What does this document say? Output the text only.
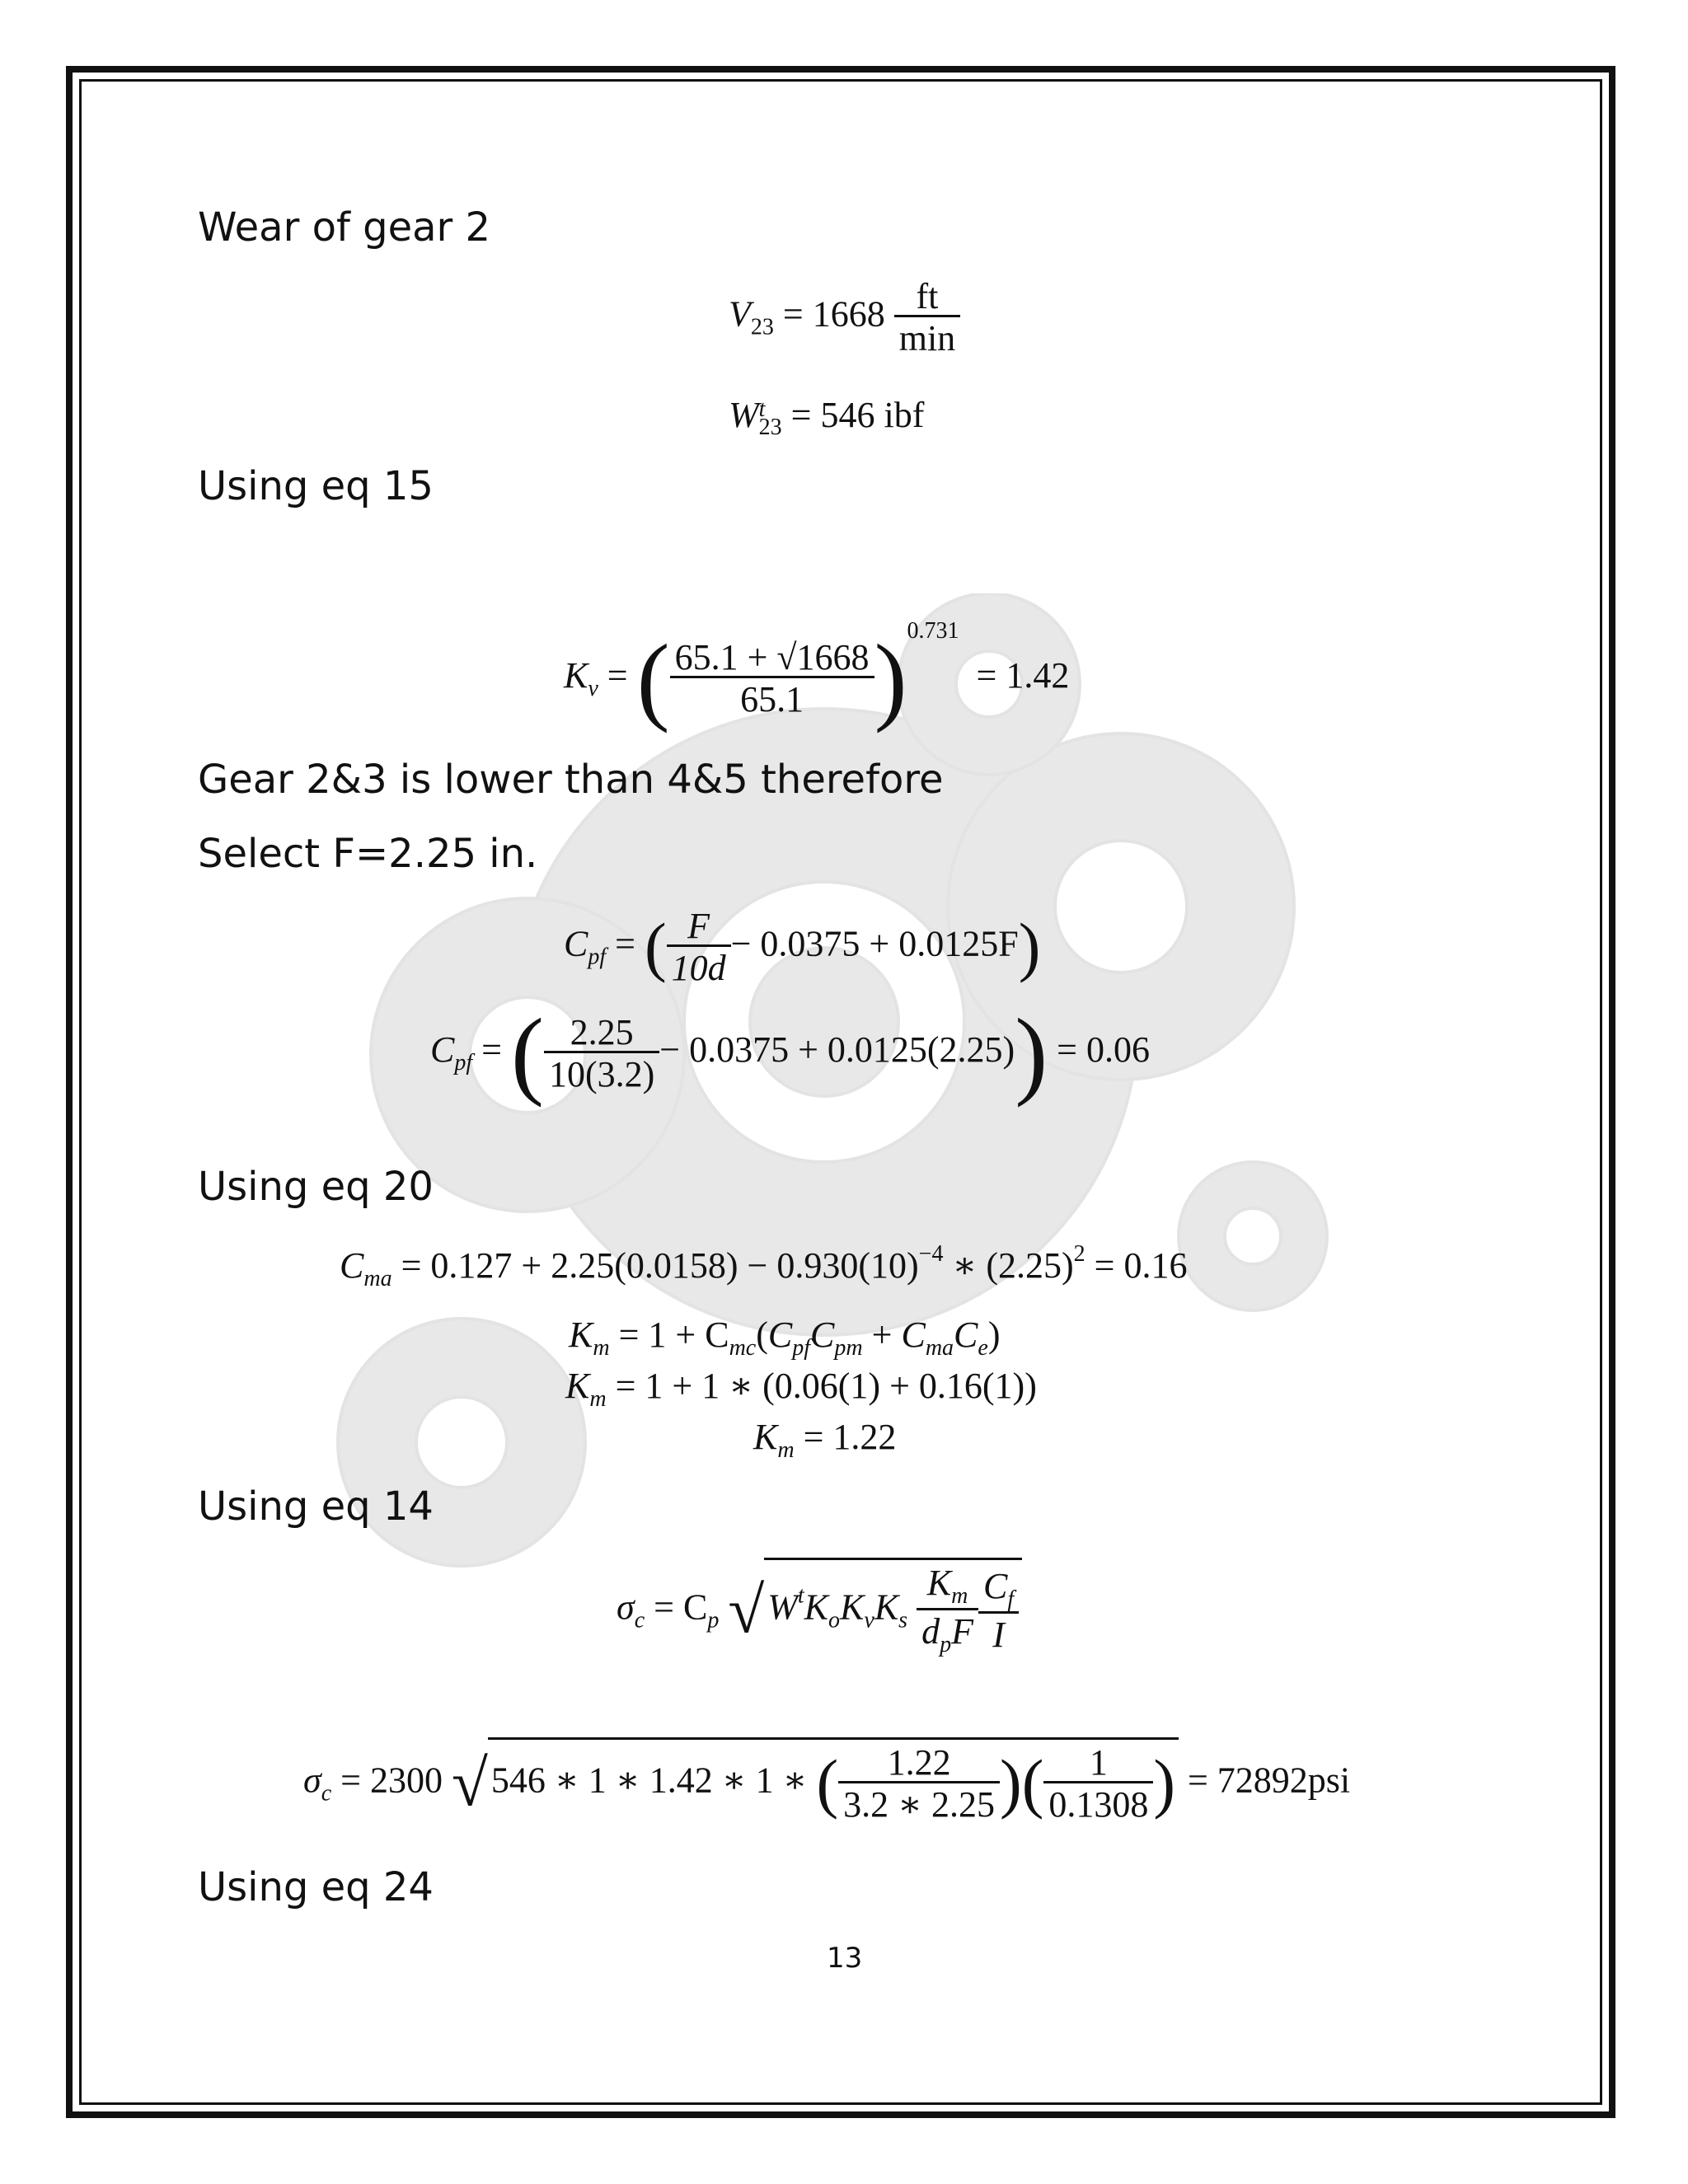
Wear of gear 2
Using eq 15
Gear 2&3 is lower than 4&5 therefore
Select F=2.25 in.
Using eq 20
Using eq 14
Using eq 24
$V_{23} = 1668 \frac{ft}{\min}$
W t
23 = 546 ibf
$K_v$ = ( $\frac{65.1 + √1668}{65.1} )^{0.731} = 1.42$
$C_{pf}$ = ( $\frac{F}{10d} - 0.0375 + 0.0125F$)
$C_{pf}$ = ( $\frac{2.25}{10(3.2)} - 0.0375 + 0.0125(2.25)) = 0.06$
$C_{ma} = 0.127 + 2.25(0.0158) - 0.930(10)^{-4}$ ∗ $(2.25)^2 = 0.16$
$K_m = 1 + C_{mc}(C_{pf}C_{pm} + C_{ma}C_e)$
$K_m = 1 + 1$ ∗ (0.06(1) + 0.16(1))
$K_m = 1.22$
$\sigma_c = C_p$ $√W^tK_oK_vK_s \frac{K_m}{d_pF} \frac{C_f}{I}$
$\sigma_c = 2300$ √546 ∗ 1 ∗ 1.42 ∗ 1 ∗ ( $\frac{1.22}{3.2 ∗ 2.25}$ )( $\frac{1}{0.1308}$ ) = 72892psi
13
